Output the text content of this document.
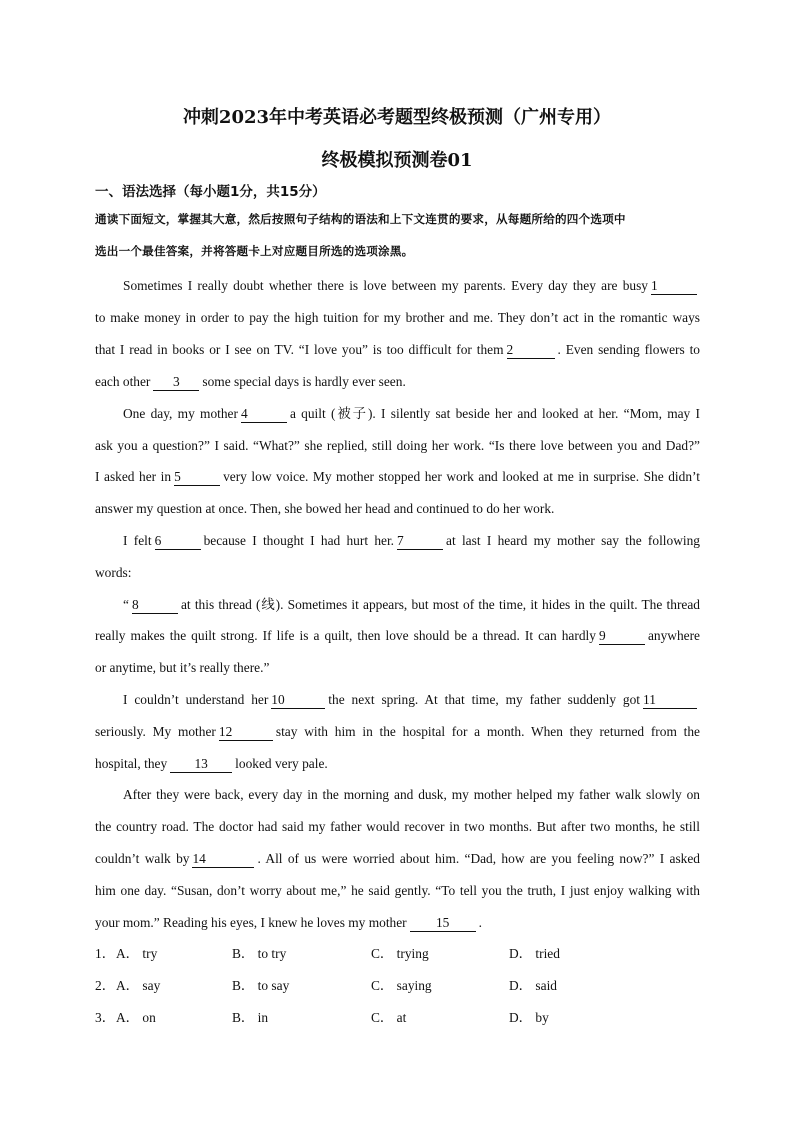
冲刺2023年中考英语必考题型终极预测（广州专用）
终极模拟预测卷01
一、语法选择（每小题1分，共15分）
通读下面短文，掌握其大意，然后按照句子结构的语法和上下文连贯的要求，从每题所给的四个选项中
选出一个最佳答案，并将答题卡上对应题目所选的选项涂黑。
Sometimes I really doubt whether there is love between my parents. Every day they are busy 1
to make money in order to pay the high tuition for my brother and me. They don’t act in the romantic ways
that I read in books or I see on TV. “I love you” is too difficult for them 2	. Even sending flowers to
each other 3 some special days is hardly ever seen.
One day, my mother 4	a quilt (被子). I silently sat beside her and looked at her. “Mom, may I
ask you a question?” I said. “What?” she replied, still doing her work. “Is there love between you and Dad?”
I asked her in 5	very low voice. My mother stopped her work and looked at me in surprise. She didn’t
answer my question at once. Then, she bowed her head and continued to do her work.
I felt 6	because I thought I had hurt her. 7	at last I heard my mother say the following
words:
“ 8	at this thread (线). Sometimes it appears, but most of the time, it hides in the quilt. The thread
really makes the quilt strong. If life is a quilt, then love should be a thread. It can hardly 9	anywhere
or anytime, but it’s really there.”
I couldn’t understand her 10	the next spring. At that time, my father suddenly got 11
seriously. My mother 12	stay with him in the hospital for a month. When they returned from the
hospital, they 13 looked very pale.
After they were back, every day in the morning and dusk, my mother helped my father walk slowly on
the country road. The doctor had said my father would recover in two months. But after two months, he still
couldn’t walk by 14	. All of us were worried about him. “Dad, how are you feeling now?” I asked
him one day. “Susan, don’t worry about me,” he said gently. “To tell you the truth, I just enjoy walking with
your mom.” Reading his eyes, I knew he loves my mother 15 .
1． A． try	B． to try	C． trying	D． tried
2． A． say	B． to say	C． saying	D． said
3． A． on	B． in	C． at	D． by
